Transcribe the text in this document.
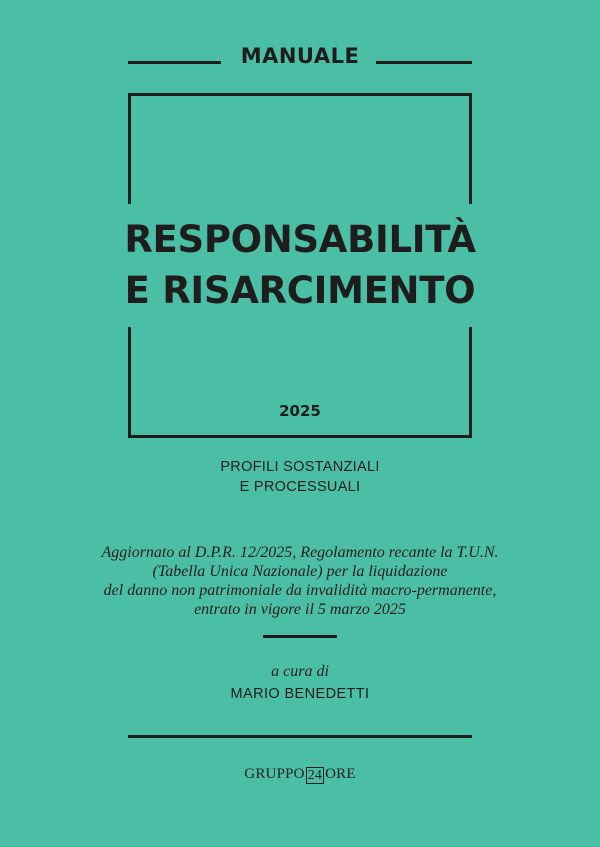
MANUALE
RESPONSABILITÀ
E RISARCIMENTO
2025
PROFILI SOSTANZIALI
E PROCESSUALI
Aggiornato al D.P.R. 12/2025, Regolamento recante la T.U.N.
(Tabella Unica Nazionale) per la liquidazione
del danno non patrimoniale da invalidità macro-permanente,
entrato in vigore il 5 marzo 2025
a cura di
MARIO BENEDETTI
GRUPPO 24 ORE
